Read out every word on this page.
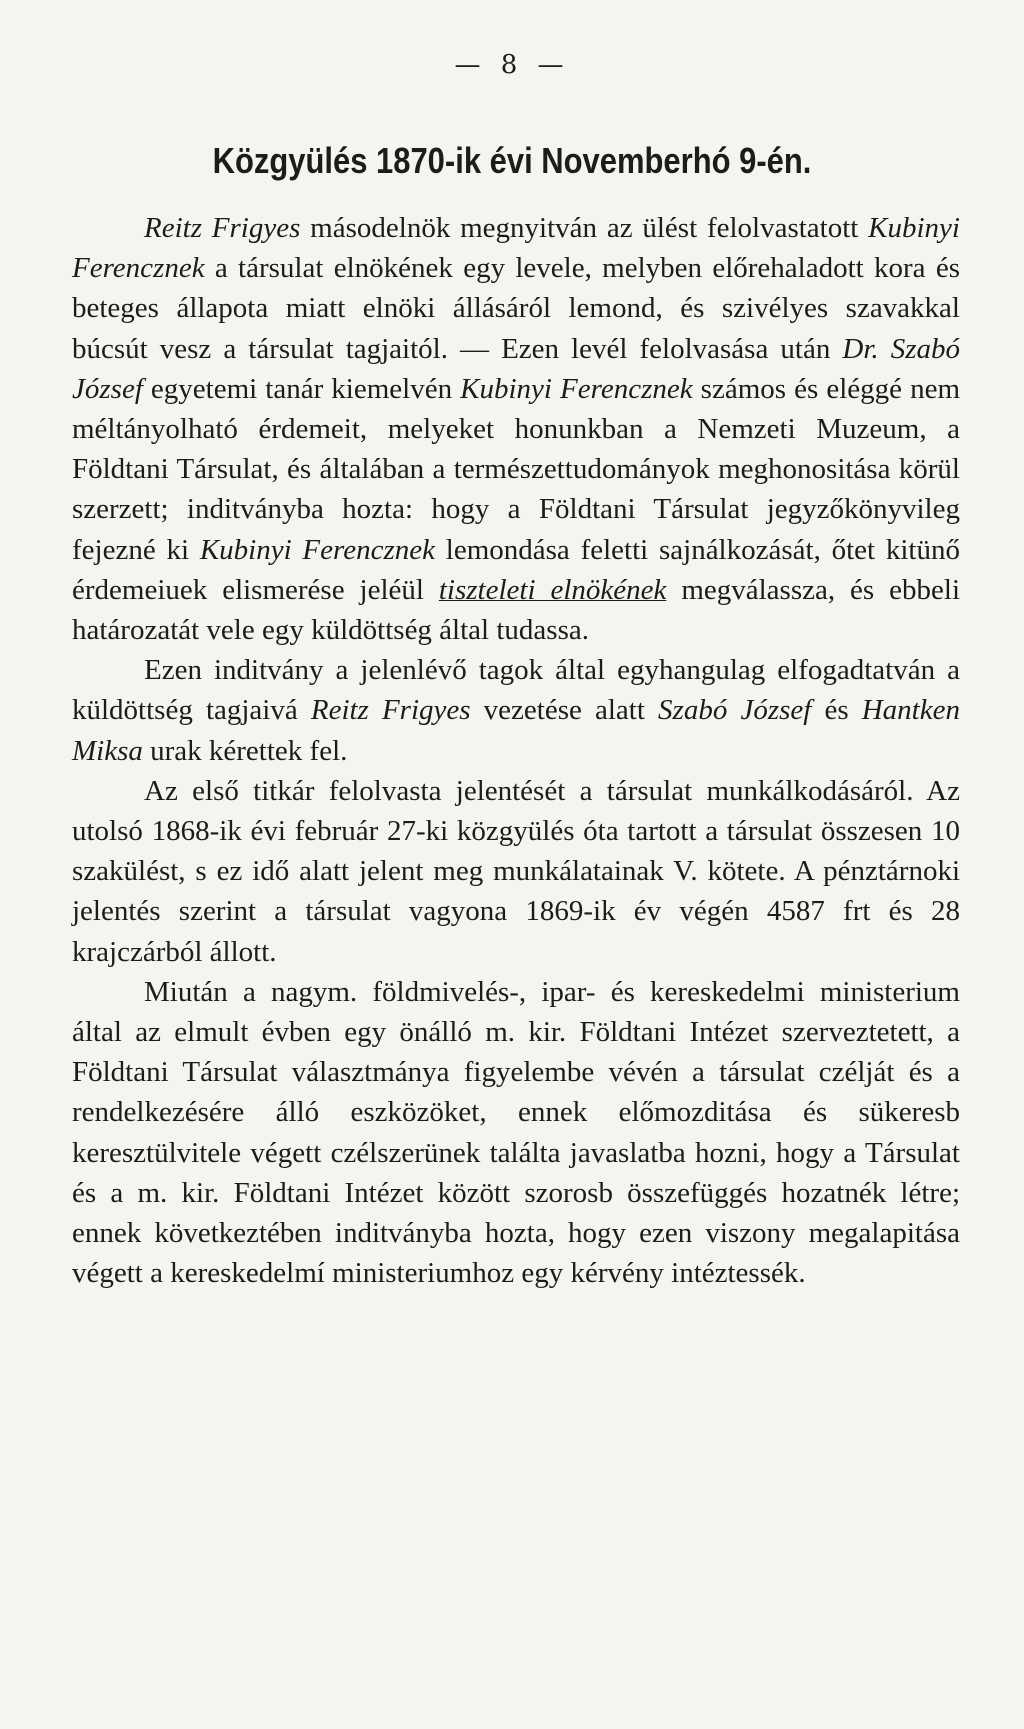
— 8 —
Közgyülés 1870-ik évi Novemberhó 9-én.

Reitz Frigyes másodelnök megnyitván az ülést felolvastatott Kubinyi Ferencznek a társulat elnökének egy levele, melyben előrehaladott kora és beteges állapota miatt elnöki állásáról lemond, és szivélyes szavakkal búcsút vesz a társulat tagjaitól. — Ezen levél felolvasása után Dr. Szabó József egyetemi tanár kiemelvén Kubinyi Ferencznek számos és eléggé nem méltányolható érdemeit, melyeket honunkban a Nemzeti Muzeum, a Földtani Társulat, és általában a természettudományok meghonositása körül szerzett; inditványba hozta: hogy a Földtani Társulat jegyzőkönyvileg fejezné ki Kubinyi Ferencznek lemondása feletti sajnálkozását, őtet kitünő érdemeiuek elismerése jeléül tiszteleti elnökének megválassza, és ebbeli határozatát vele egy küldöttség által tudassa.

Ezen inditvány a jelenlévő tagok által egyhangulag elfogadtatván a küldöttség tagjaivá Reitz Frigyes vezetése alatt Szabó József és Hantken Miksa urak kérettek fel.

Az első titkár felolvasta jelentését a társulat munkálkodásáról. Az utolsó 1868-ik évi február 27-ki közgyülés óta tartott a társulat összesen 10 szakülést, s ez idő alatt jelent meg munkálatainak V. kötete. A pénztárnoki jelentés szerint a társulat vagyona 1869-ik év végén 4587 frt és 28 krajczárból állott.

Miután a nagym. földmivelés-, ipar- és kereskedelmi ministerium által az elmult évben egy önálló m. kir. Földtani Intézet szerveztetett, a Földtani Társulat választmánya figyelembe vévén a társulat czélját és a rendelkezésére álló eszközöket, ennek előmozditása és sükeresb keresztülvitele végett czélszerünek találta javaslatba hozni, hogy a Társulat és a m. kir. Földtani Intézet között szorosb összefüggés hozatnék létre; ennek következtében inditványba hozta, hogy ezen viszony megalapitása végett a kereskedelmí ministeriumhoz egy kérvény intéztessék.
